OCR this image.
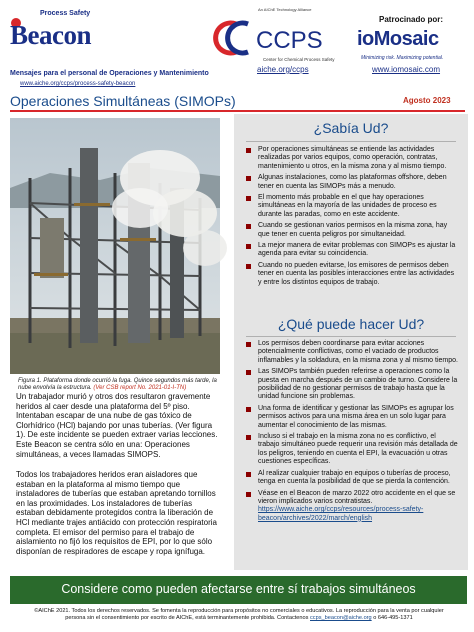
Process Safety
Beacon
Mensajes para el personal de Operaciones y Mantenimiento
www.aiche.org/ccps/process-safety-beacon
An AIChE Technology Alliance
CCPS
Center for Chemical Process Safety
aiche.org/ccps
Patrocinado por:
ioMosaic
Minimizing risk. Maximizing potential.
www.iomosaic.com
Operaciones Simultáneas (SIMOPs)	Agosto 2023
Figura 1. Plataforma donde ocurrió la fuga. Quince segundos más tarde, la nube envolvía la estructura. (Ver CSB report No. 2021-01-I-TN)
Un trabajador murió y otros dos resultaron gravemente heridos al caer desde una plataforma del 5º piso. Intentaban escapar de una nube de gas tóxico de Clorhídrico (HCl) bajando por unas tuberías. (Ver figura 1). De este incidente se pueden extraer varias lecciones. Este Beacon se centra sólo en una: Operaciones simultáneas, a veces llamadas SIMOPS.
Todos los trabajadores heridos eran aisladores que estaban en la plataforma al mismo tiempo que instaladores de tuberías que estaban apretando tornillos en las proximidades. Los instaladores de tuberías estaban debidamente protegidos contra la liberación de HCl mediante trajes antiácido con protección respiratoria completa. El emisor del permiso para el trabajo de aislamiento no fijó los requisitos de EPI, por lo que sólo disponían de respiradores de escape y ropa ignífuga.
¿Sabía Ud?
Por operaciones simultáneas se entiende las actividades realizadas por varios equipos, como operación, contratas, mantenimiento u otros, en la misma zona y al mismo tiempo.
Algunas instalaciones, como las plataformas offshore, deben tener en cuenta las SIMOPs más a menudo.
El momento más probable en el que hay operaciones simultáneas en la mayoría de las unidades de proceso es durante las paradas, como en este accidente.
Cuando se gestionan varios permisos en la misma zona, hay que tener en cuenta peligros por simultaneidad.
La mejor manera de evitar problemas con SIMOPs es ajustar la agenda para evitar su coincidencia.
Cuando no pueden evitarse, los emisores de permisos deben tener en cuenta las posibles interacciones entre las actividades y entre los distintos equipos de trabajo.
¿Qué puede hacer Ud?
Los permisos deben coordinarse para evitar acciones potencialmente conflictivas, como el vaciado de productos inflamables y la soldadura, en la misma zona y al mismo tiempo.
Las SIMOPs también pueden referirse a operaciones como la puesta en marcha después de un cambio de turno. Considere la posibilidad de no gestionar permisos de trabajo hasta que la unidad funcione sin problemas.
Una forma de identificar y gestionar las SIMOPs es agrupar los permisos activos para una misma área en un solo lugar para aumentar el conocimiento de las mismas.
Incluso si el trabajo en la misma zona no es conflictivo, el trabajo simultáneo puede requerir una revisión más detallada de los peligros, teniendo en cuenta el EPI, la evacuación u otras cuestiones específicas.
Al realizar cualquier trabajo en equipos o tuberías de proceso, tenga en cuenta la posibilidad de que se pierda la contención.
Véase en el Beacon de marzo 2022 otro accidente en el que se vieron implicados varios contratistas. https://www.aiche.org/ccps/resources/process-safety-beacon/archives/2022/march/english
Considere como pueden afectarse entre sí trabajos simultáneos
©AIChE 2021. Todos los derechos reservados. Se fomenta la reproducción para propósitos no comerciales o educativos. La reproducción para la venta por cualquier persona sin el consentimiento por escrito de AIChE, está terminantemente prohibida. Contactenos ccps_beacon@aiche.org o 646-495-1371
